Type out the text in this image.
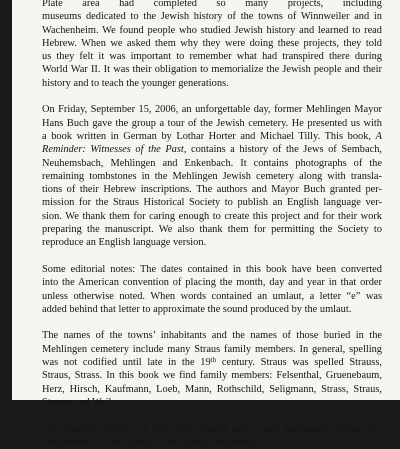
Plate area had completed so many projects, including
museums dedicated to the Jewish history of the towns of Winnweiler and in
Wachenheim. We found people who studied Jewish history and learned to read
Hebrew. When we asked them why they were doing these projects, they told
us they felt it was important to remember what had transpired there during
World War II. It was their obligation to memorialize the Jewish people and their
history and to teach the younger generations.
On Friday, September 15, 2006, an unforgettable day, former Mehlingen Mayor
Hans Buch gave the group a tour of the Jewish cemetery. He presented us with
a book written in German by Lothar Horter and Michael Tilly. This book, A
Reminder: Witnesses of the Past, contains a history of the Jews of Sembach,
Neuhemsbach, Mehlingen and Enkenbach. It contains photographs of the
remaining tombstones in the Mehlingen Jewish cemetery along with transla-
tions of their Hebrew inscriptions. The authors and Mayor Buch granted per-
mission for the Straus Historical Society to publish an English language ver-
sion. We thank them for caring enough to create this project and for their work
preparing the manuscript. We also thank them for permitting the Society to
reproduce an English language version.
Some editorial notes: The dates contained in this book have been converted
into the American convention of placing the month, day and year in that order
unless otherwise noted. When words contained an umlaut, a letter “e” was
added behind that letter to approximate the sound produced by the umlaut.
The names of the towns’ inhabitants and the names of those buried in the
Mehlingen cemetery include many Straus family members. In general, spelling
was not codified until late in the 19th century. Straus was spelled Strauss,
Straus, Strass. In this book we find family members: Felsenthal, Gruenebaum,
Herz, Hirsch, Kaufmann, Loeb, Mann, Rothschild, Seligmann, Strass, Straus,
Strauss and Weil.
The English version of this book would never have happened without the
cooperation of Lee Landau of the Kehal Westwood, NJ
